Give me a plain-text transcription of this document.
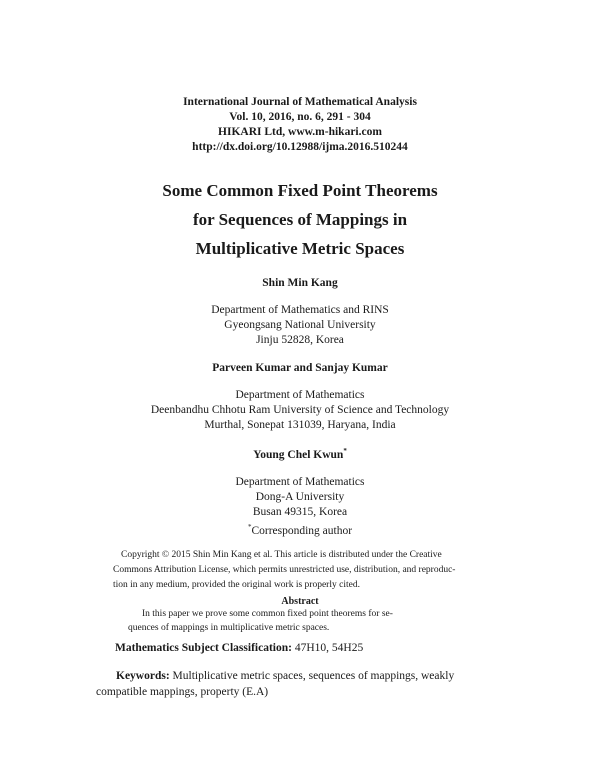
International Journal of Mathematical Analysis
Vol. 10, 2016, no. 6, 291 - 304
HIKARI Ltd, www.m-hikari.com
http://dx.doi.org/10.12988/ijma.2016.510244
Some Common Fixed Point Theorems
for Sequences of Mappings in
Multiplicative Metric Spaces
Shin Min Kang
Department of Mathematics and RINS
Gyeongsang National University
Jinju 52828, Korea
Parveen Kumar and Sanjay Kumar
Department of Mathematics
Deenbandhu Chhotu Ram University of Science and Technology
Murthal, Sonepat 131039, Haryana, India
Young Chel Kwun*
Department of Mathematics
Dong-A University
Busan 49315, Korea
*Corresponding author
Copyright © 2015 Shin Min Kang et al. This article is distributed under the Creative
Commons Attribution License, which permits unrestricted use, distribution, and reproduc-
tion in any medium, provided the original work is properly cited.
Abstract
In this paper we prove some common fixed point theorems for se-
quences of mappings in multiplicative metric spaces.
Mathematics Subject Classification: 47H10, 54H25
Keywords: Multiplicative metric spaces, sequences of mappings, weakly
compatible mappings, property (E.A)
